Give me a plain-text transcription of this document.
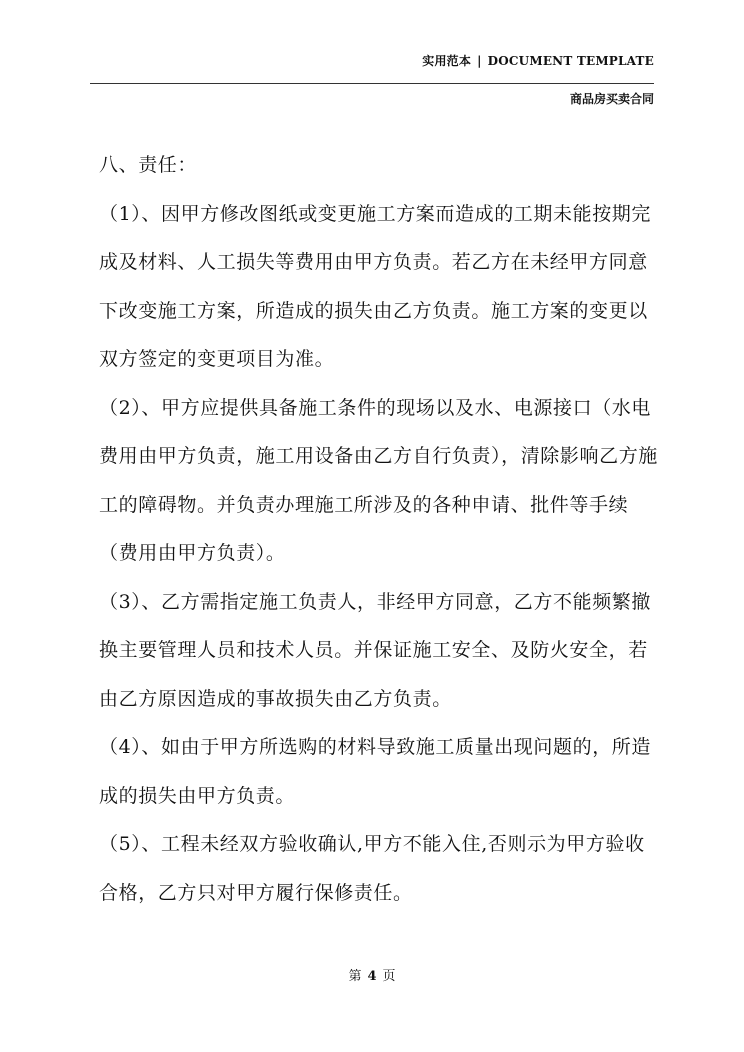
实用范本 | DOCUMENT TEMPLATE
商品房买卖合同

八、责任：

（1）、因甲方修改图纸或变更施工方案而造成的工期未能按期完成及材料、人工损失等费用由甲方负责。若乙方在未经甲方同意下改变施工方案，所造成的损失由乙方负责。施工方案的变更以双方签定的变更项目为准。

（2）、甲方应提供具备施工条件的现场以及水、电源接口（水电费用由甲方负责，施工用设备由乙方自行负责），清除影响乙方施工的障碍物。并负责办理施工所涉及的各种申请、批件等手续（费用由甲方负责）。

（3）、乙方需指定施工负责人，非经甲方同意，乙方不能频繁撤换主要管理人员和技术人员。并保证施工安全、及防火安全，若由乙方原因造成的事故损失由乙方负责。

（4）、如由于甲方所选购的材料导致施工质量出现问题的，所造成的损失由甲方负责。

（5）、工程未经双方验收确认,甲方不能入住,否则示为甲方验收合格，乙方只对甲方履行保修责任。

第 4 页
